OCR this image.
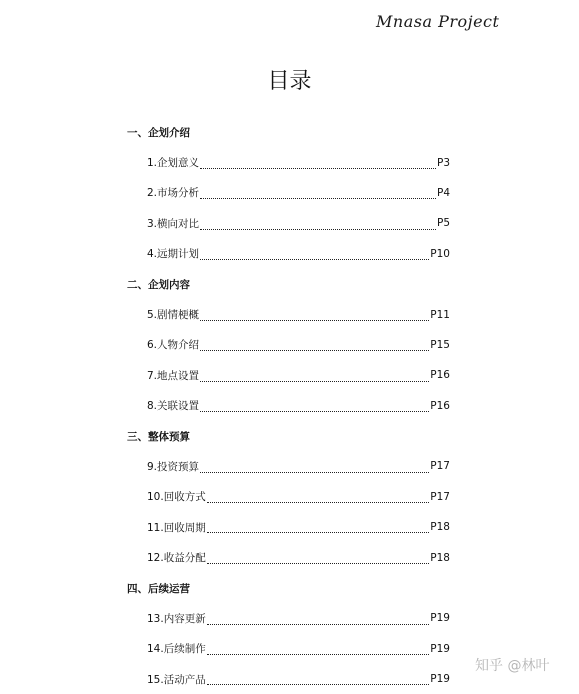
Mnasa Project
目录
一、企划介绍
1.企划意义	P3
2.市场分析	P4
3.横向对比	P5
4.远期计划	P10
二、企划内容
5.剧情梗概	P11
6.人物介绍	P15
7.地点设置	P16
8.关联设置	P16
三、整体预算
9.投资预算	P17
10.回收方式	P17
11.回收周期	P18
12.收益分配	P18
四、后续运营
13.内容更新	P19
14.后续制作	P19
15.活动产品	P19
知乎 @林叶
